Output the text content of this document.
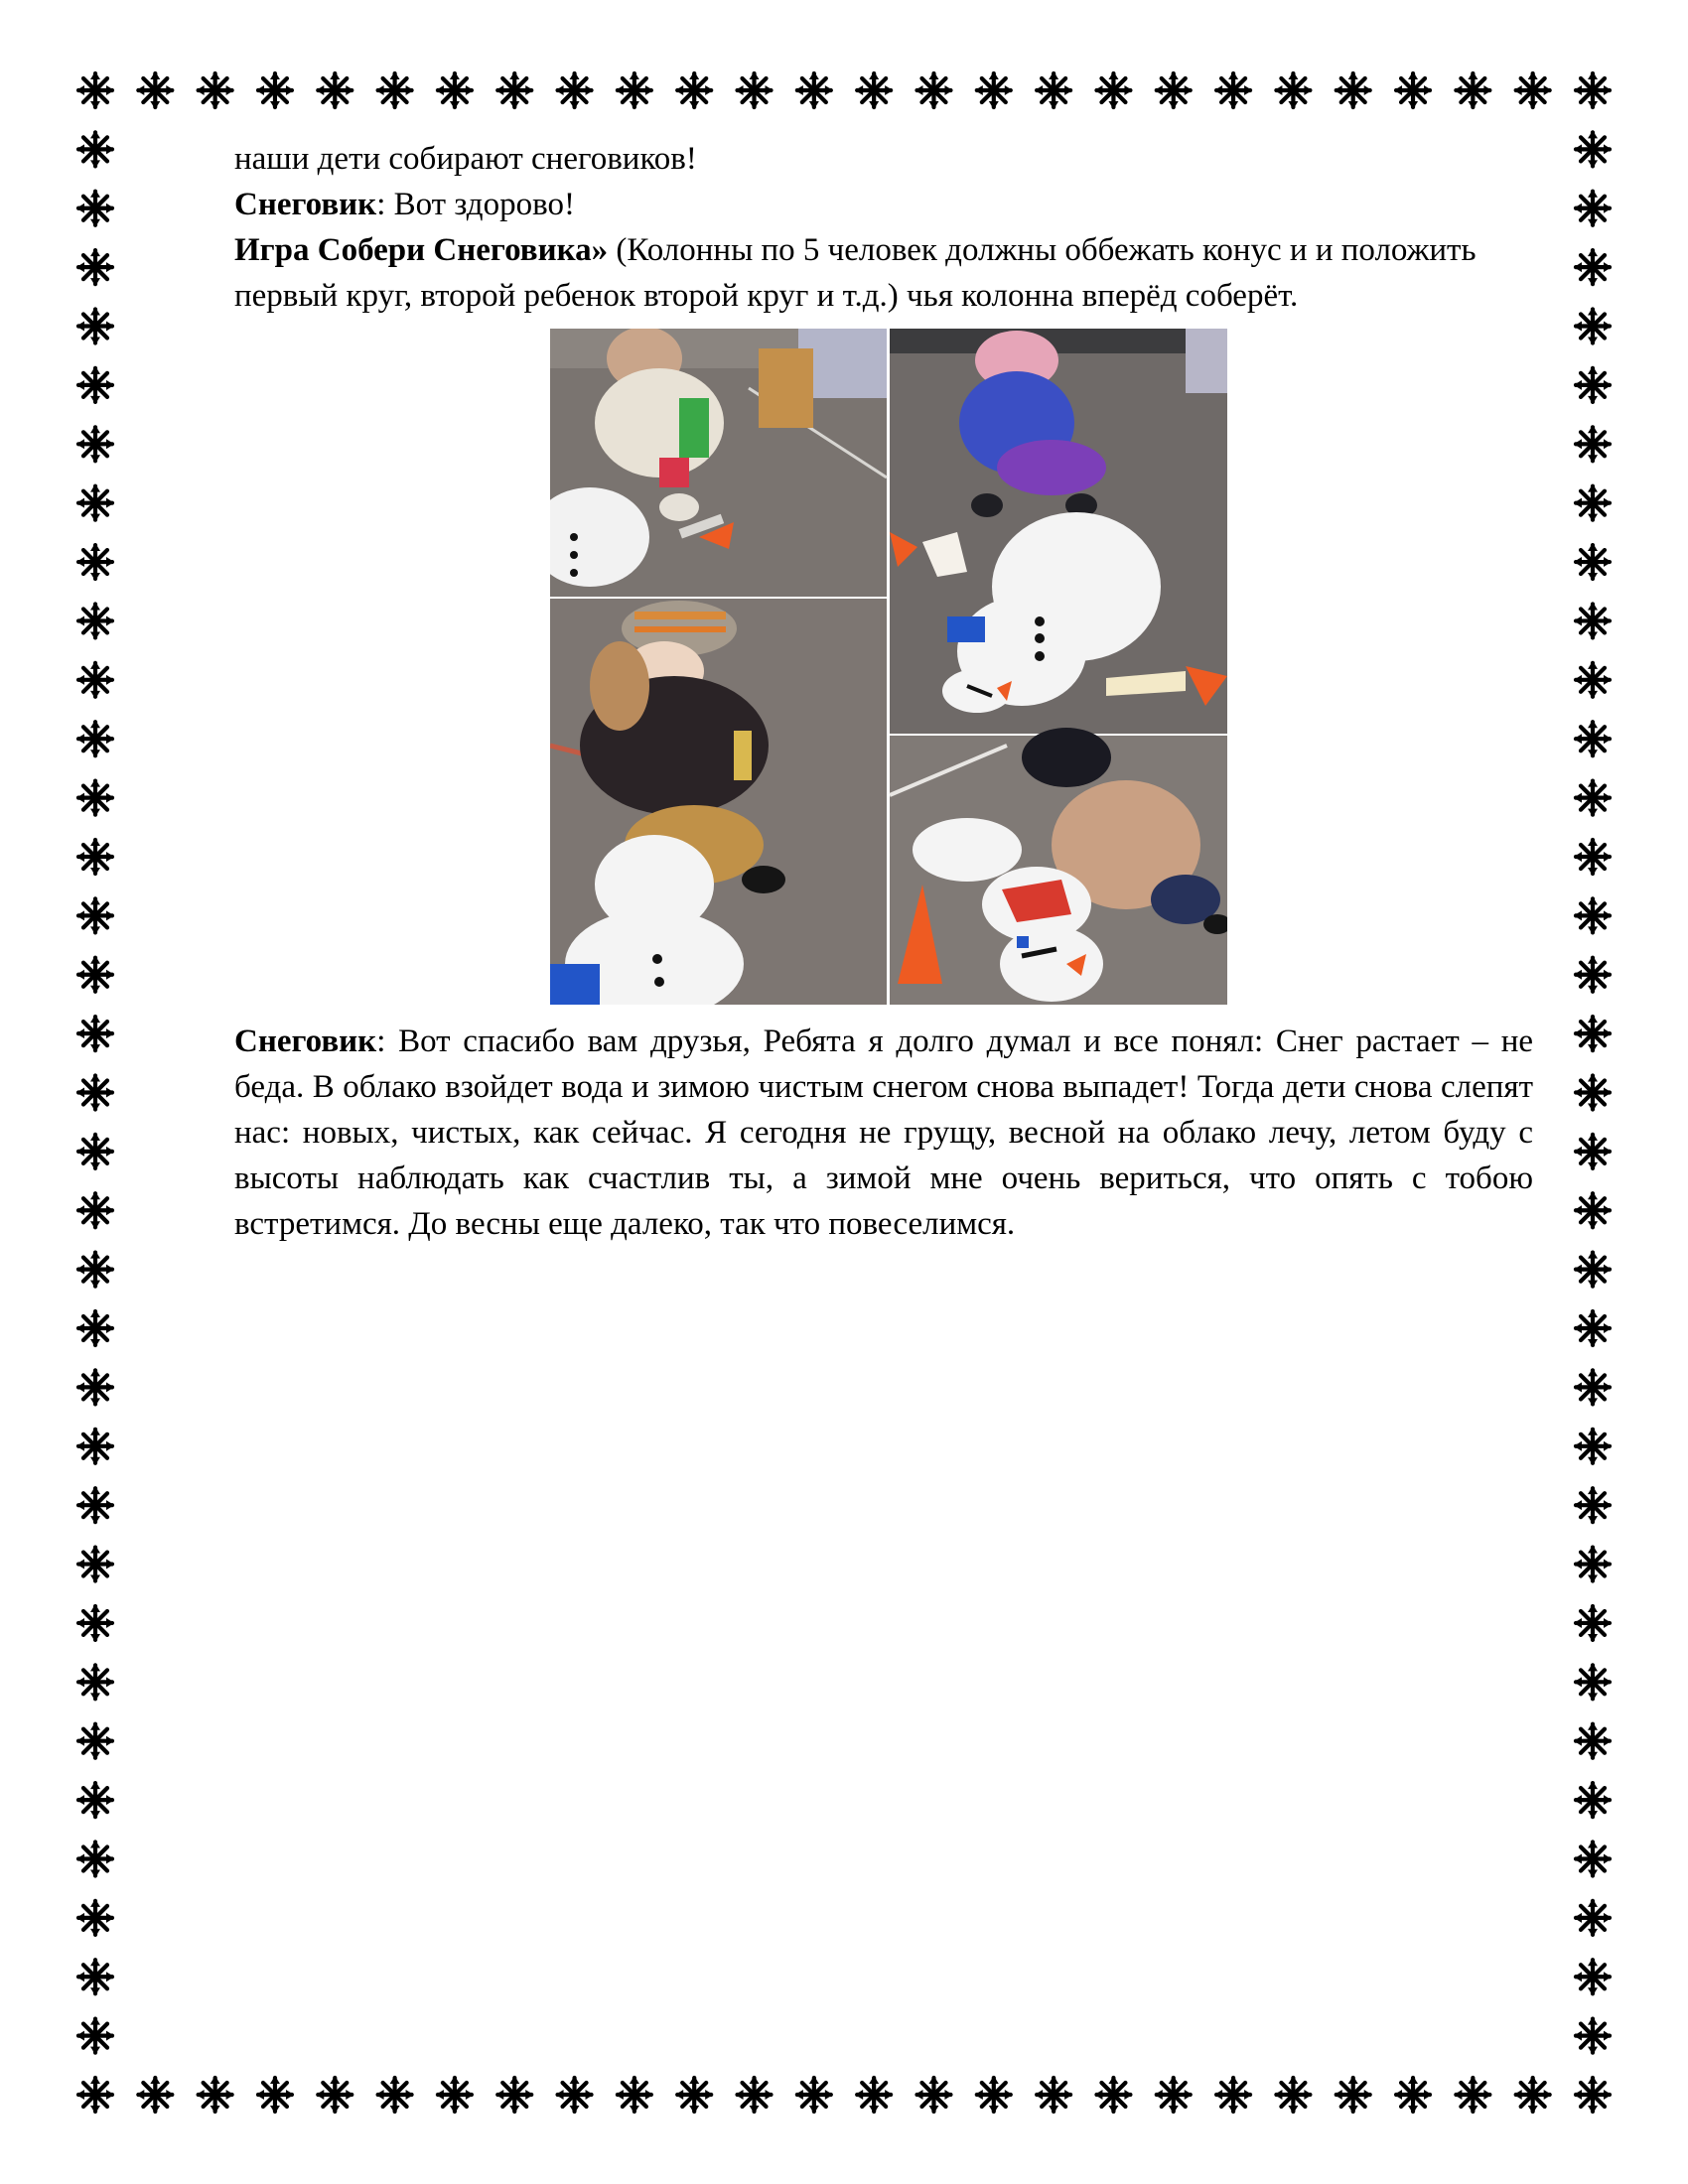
наши дети собирают снеговиков!

Снеговик: Вот здорово!

Игра Собери Снеговика» (Колонны по 5 человек должны оббежать конус и и положить первый круг, второй ребенок второй круг и т.д.) чья колонна вперёд соберёт.

Снеговик: Вот спасибо вам друзья, Ребята я долго думал и все понял: Снег растает – не беда. В облако взойдет вода и зимою чистым снегом снова выпадет! Тогда дети снова слепят нас: новых, чистых, как сейчас. Я сегодня не грущу, весной на облако лечу, летом буду с высоты наблюдать как счастлив ты, а зимой мне очень вериться, что опять с тобою встретимся. До весны еще далеко, так что повеселимся.
